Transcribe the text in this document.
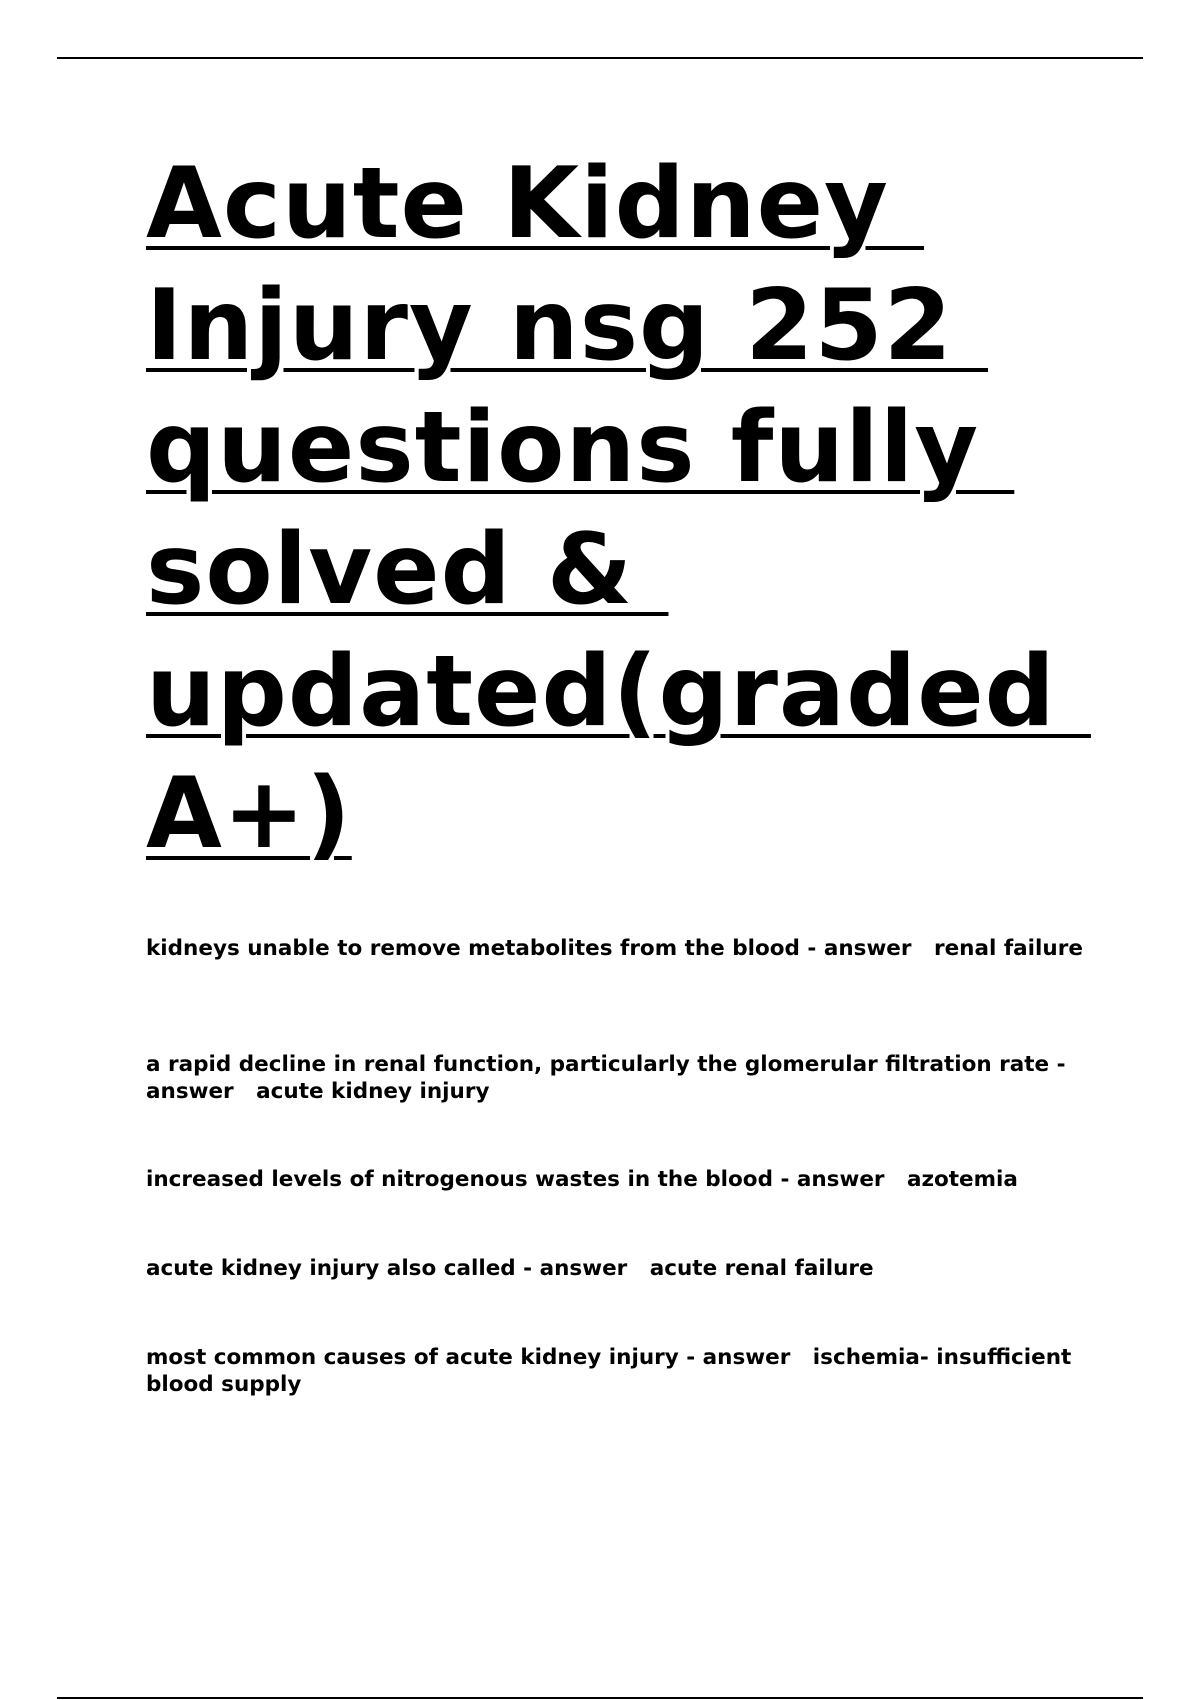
Acute Kidney
Injury nsg 252
questions fully
solved &
updated(graded
A+)
kidneys unable to remove metabolites from the blood - answer renal failure
a rapid decline in renal function, particularly the glomerular filtration rate - answer acute kidney injury
increased levels of nitrogenous wastes in the blood - answer azotemia
acute kidney injury also called - answer acute renal failure
most common causes of acute kidney injury - answer ischemia- insufficient blood supply
